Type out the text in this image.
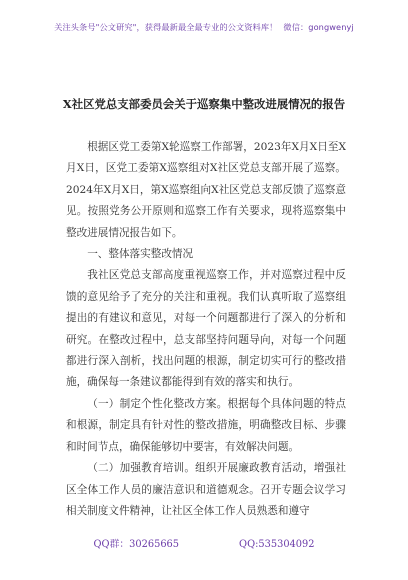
关注头条号"公文研究"，获得最新最全最专业的公文资料库！ 微信：gongwenyj
X社区党总支部委员会关于巡察集中整改进展情况的报告

根据区党工委第X轮巡察工作部署，2023年X月X日至X月X日，区党工委第X巡察组对X社区党总支部开展了巡察。2024年X月X日，第X巡察组向X社区党总支部反馈了巡察意见。按照党务公开原则和巡察工作有关要求，现将巡察集中整改进展情况报告如下。

一、整体落实整改情况

我社区党总支部高度重视巡察工作，并对巡察过程中反馈的意见给予了充分的关注和重视。我们认真听取了巡察组提出的有建议和意见，对每一个问题都进行了深入的分析和研究。在整改过程中，总支部坚持问题导向，对每一个问题都进行深入剖析，找出问题的根源，制定切实可行的整改措施，确保每一条建议都能得到有效的落实和执行。

（一）制定个性化整改方案。根据每个具体问题的特点和根源，制定具有针对性的整改措施，明确整改目标、步骤和时间节点，确保能够切中要害，有效解决问题。

（二）加强教育培训。组织开展廉政教育活动，增强社区全体工作人员的廉洁意识和道德观念。召开专题会议学习相关制度文件精神，让社区全体工作人员熟悉和遵守

QQ群：30265665	QQ:535304092
